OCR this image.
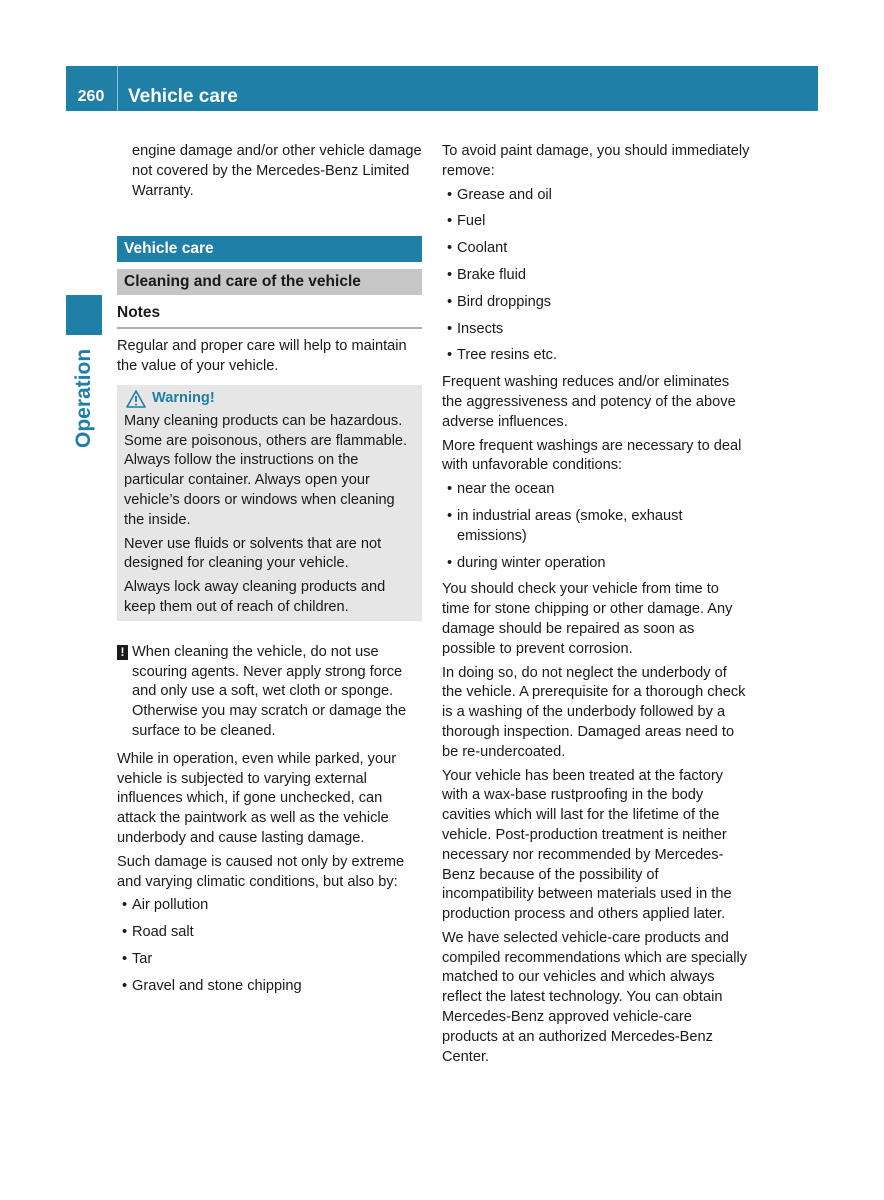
260	Vehicle care
Operation

engine damage and/or other vehicle damage not covered by the Mercedes-Benz Limited Warranty.

Vehicle care
Cleaning and care of the vehicle
Notes

Regular and proper care will help to maintain the value of your vehicle.

Warning!

Many cleaning products can be hazardous. Some are poisonous, others are flammable. Always follow the instructions on the particular container. Always open your vehicle’s doors or windows when cleaning the inside.

Never use fluids or solvents that are not designed for cleaning your vehicle.

Always lock away cleaning products and keep them out of reach of children.

! When cleaning the vehicle, do not use scouring agents. Never apply strong force and only use a soft, wet cloth or sponge. Otherwise you may scratch or damage the surface to be cleaned.

While in operation, even while parked, your vehicle is subjected to varying external influences which, if gone unchecked, can attack the paintwork as well as the vehicle underbody and cause lasting damage.

Such damage is caused not only by extreme and varying climatic conditions, but also by:

• Air pollution
• Road salt
• Tar
• Gravel and stone chipping

To avoid paint damage, you should immediately remove:

• Grease and oil
• Fuel
• Coolant
• Brake fluid
• Bird droppings
• Insects
• Tree resins etc.

Frequent washing reduces and/or eliminates the aggressiveness and potency of the above adverse influences.

More frequent washings are necessary to deal with unfavorable conditions:

• near the ocean
• in industrial areas (smoke, exhaust emissions)
• during winter operation

You should check your vehicle from time to time for stone chipping or other damage. Any damage should be repaired as soon as possible to prevent corrosion.

In doing so, do not neglect the underbody of the vehicle. A prerequisite for a thorough check is a washing of the underbody followed by a thorough inspection. Damaged areas need to be re-undercoated.

Your vehicle has been treated at the factory with a wax-base rustproofing in the body cavities which will last for the lifetime of the vehicle. Post-production treatment is neither necessary nor recommended by Mercedes-Benz because of the possibility of incompatibility between materials used in the production process and others applied later.

We have selected vehicle-care products and compiled recommendations which are specially matched to our vehicles and which always reflect the latest technology. You can obtain Mercedes-Benz approved vehicle-care products at an authorized Mercedes-Benz Center.
